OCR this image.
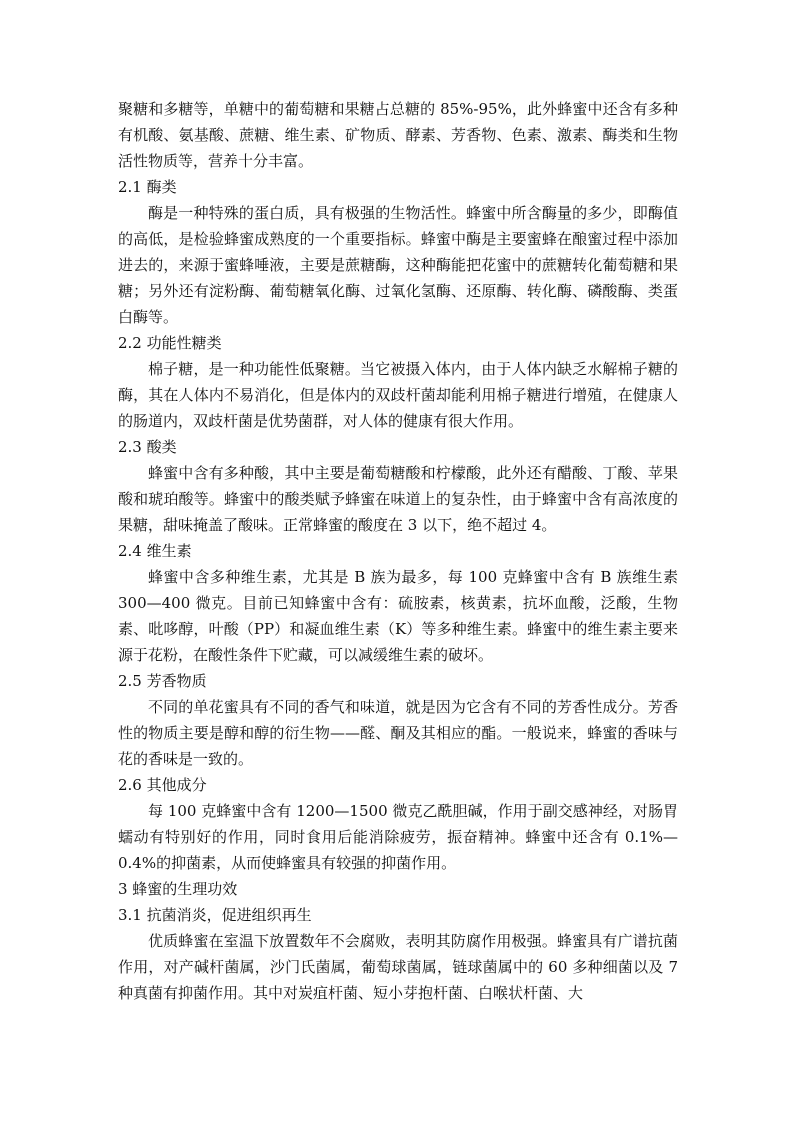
聚糖和多糖等，单糖中的葡萄糖和果糖占总糖的 85%-95%，此外蜂蜜中还含有多种有机酸、氨基酸、蔗糖、维生素、矿物质、酵素、芳香物、色素、激素、酶类和生物活性物质等，营养十分丰富。

2.1 酶类

酶是一种特殊的蛋白质，具有极强的生物活性。蜂蜜中所含酶量的多少，即酶值的高低，是检验蜂蜜成熟度的一个重要指标。蜂蜜中酶是主要蜜蜂在酿蜜过程中添加进去的，来源于蜜蜂唾液，主要是蔗糖酶，这种酶能把花蜜中的蔗糖转化葡萄糖和果糖；另外还有淀粉酶、葡萄糖氧化酶、过氧化氢酶、还原酶、转化酶、磷酸酶、类蛋白酶等。

2.2 功能性糖类

棉子糖，是一种功能性低聚糖。当它被摄入体内，由于人体内缺乏水解棉子糖的酶，其在人体内不易消化，但是体内的双歧杆菌却能利用棉子糖进行增殖，在健康人的肠道内，双歧杆菌是优势菌群，对人体的健康有很大作用。

2.3 酸类

蜂蜜中含有多种酸，其中主要是葡萄糖酸和柠檬酸，此外还有醋酸、丁酸、苹果酸和琥珀酸等。蜂蜜中的酸类赋予蜂蜜在味道上的复杂性，由于蜂蜜中含有高浓度的果糖，甜味掩盖了酸味。正常蜂蜜的酸度在 3 以下，绝不超过 4。

2.4 维生素

蜂蜜中含多种维生素，尤其是 B 族为最多，每 100 克蜂蜜中含有 B 族维生素 300—400 微克。目前已知蜂蜜中含有：硫胺素，核黄素，抗坏血酸，泛酸，生物素、吡哆醇，叶酸（PP）和凝血维生素（K）等多种维生素。蜂蜜中的维生素主要来源于花粉，在酸性条件下贮藏，可以减缓维生素的破坏。

2.5 芳香物质

不同的单花蜜具有不同的香气和味道，就是因为它含有不同的芳香性成分。芳香性的物质主要是醇和醇的衍生物——醛、酮及其相应的酯。一般说来，蜂蜜的香味与花的香味是一致的。

2.6 其他成分

每 100 克蜂蜜中含有 1200—1500 微克乙酰胆碱，作用于副交感神经，对肠胃蠕动有特别好的作用，同时食用后能消除疲劳，振奋精神。蜂蜜中还含有 0.1%—0.4%的抑菌素，从而使蜂蜜具有较强的抑菌作用。

3 蜂蜜的生理功效

3.1 抗菌消炎，促进组织再生

优质蜂蜜在室温下放置数年不会腐败，表明其防腐作用极强。蜂蜜具有广谱抗菌作用，对产碱杆菌属，沙门氏菌属，葡萄球菌属，链球菌属中的 60 多种细菌以及 7 种真菌有抑菌作用。其中对炭疽杆菌、短小芽抱杆菌、白喉状杆菌、大
